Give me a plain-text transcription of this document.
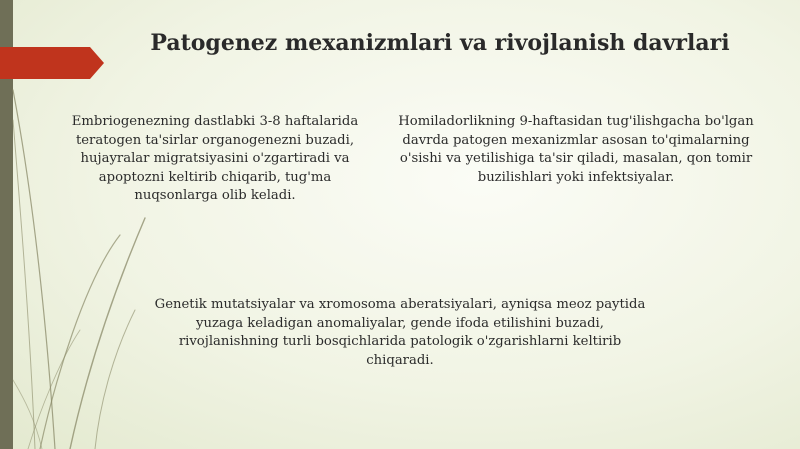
Patogenez mexanizmlari va rivojlanish davrlari

Embriogenezning dastlabki 3-8 haftalarida teratogen ta'sirlar organogenezni buzadi, hujayralar migratsiyasini o'zgartiradi va apoptozni keltirib chiqarib, tug'ma nuqsonlarga olib keladi.

Homiladorlikning 9-haftasidan tug'ilishgacha bo'lgan davrda patogen mexanizmlar asosan to'qimalarning o'sishi va yetilishiga ta'sir qiladi, masalan, qon tomir buzilishlari yoki infektsiyalar.

Genetik mutatsiyalar va xromosoma aberatsiyalari, ayniqsa meoz paytida yuzaga keladigan anomaliyalar, gende ifoda etilishini buzadi, rivojlanishning turli bosqichlarida patologik o'zgarishlarni keltirib chiqaradi.
